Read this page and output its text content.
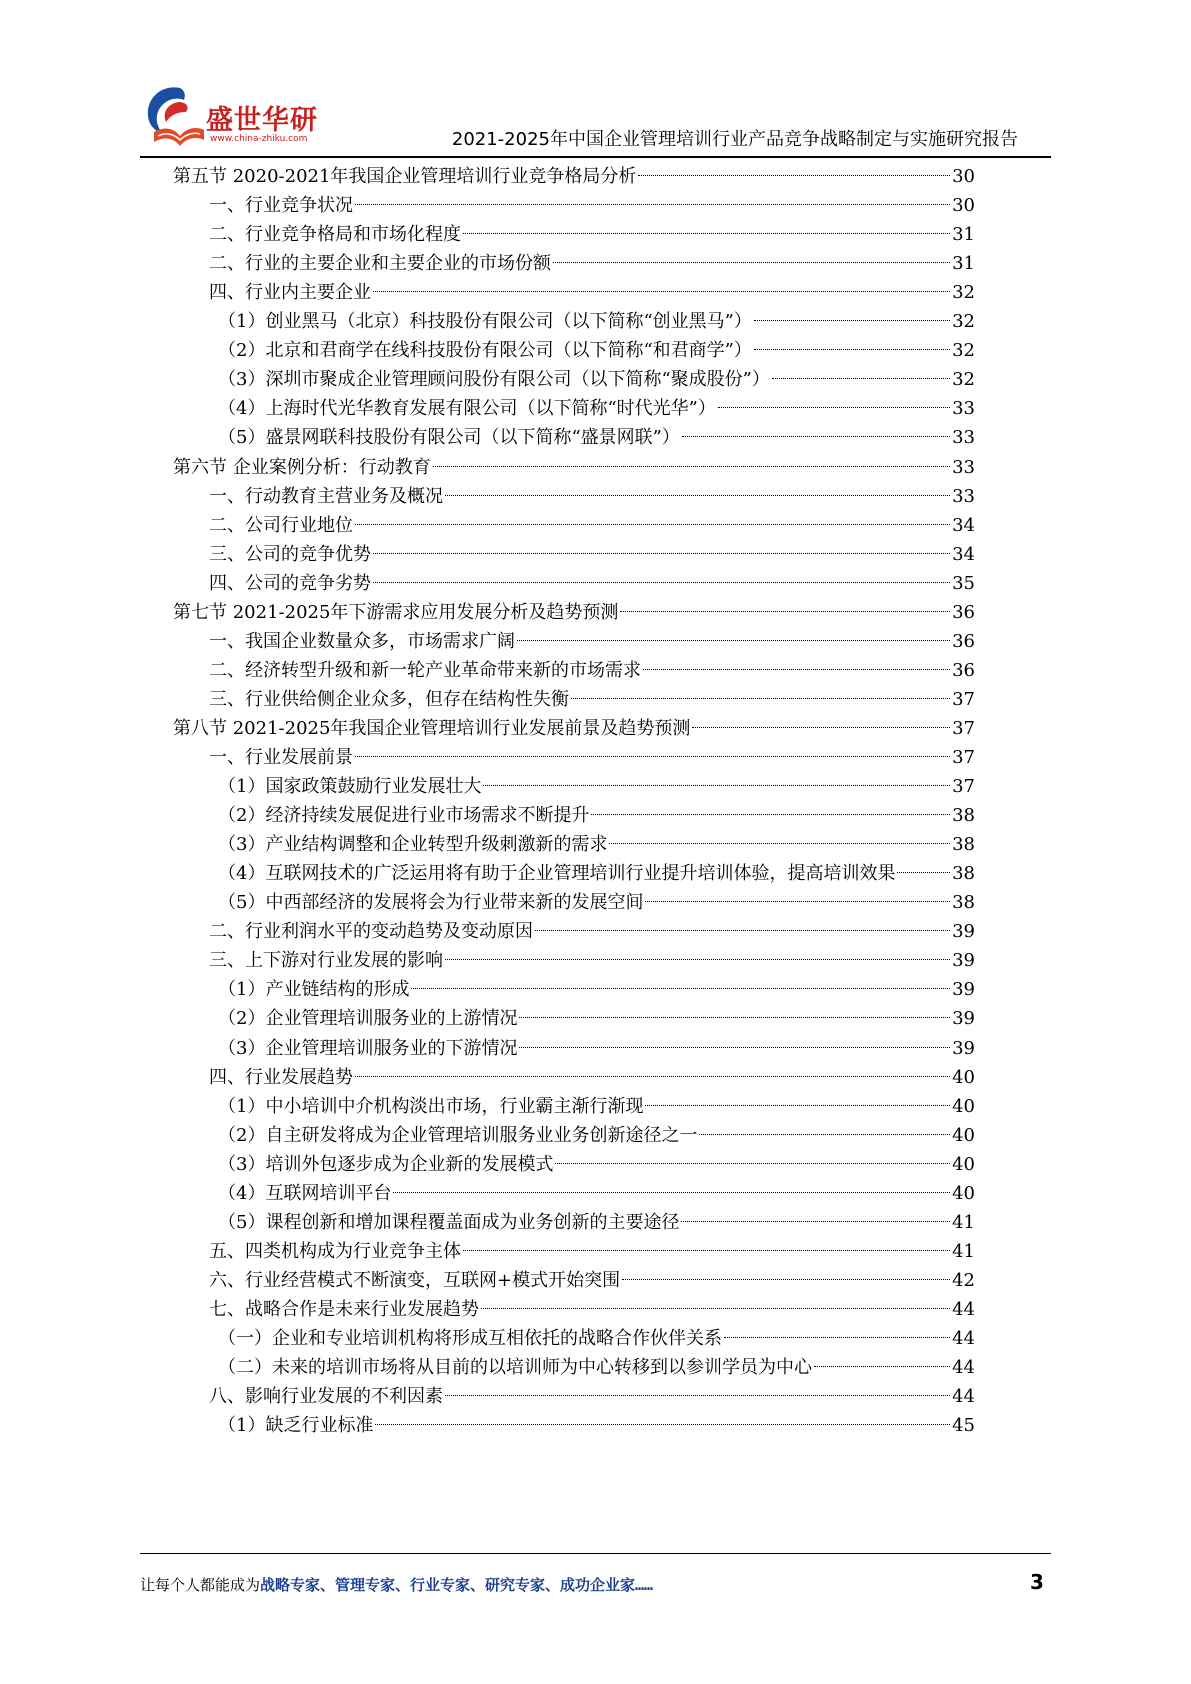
盛世华研
www.china-zhiku.com	2021-2025年中国企业管理培训行业产品竞争战略制定与实施研究报告
第五节 2020-2021年我国企业管理培训行业竞争格局分析	30
一、行业竞争状况	30
二、行业竞争格局和市场化程度	31
二、行业的主要企业和主要企业的市场份额	31
四、行业内主要企业	32
（1）创业黑马（北京）科技股份有限公司（以下简称“创业黑马”）	32
（2）北京和君商学在线科技股份有限公司（以下简称“和君商学”）	32
（3）深圳市聚成企业管理顾问股份有限公司（以下简称“聚成股份”）	32
（4）上海时代光华教育发展有限公司（以下简称“时代光华”）	33
（5）盛景网联科技股份有限公司（以下简称“盛景网联”）	33
第六节 企业案例分析：行动教育	33
一、行动教育主营业务及概况	33
二、公司行业地位	34
三、公司的竞争优势	34
四、公司的竞争劣势	35
第七节 2021-2025年下游需求应用发展分析及趋势预测	36
一、我国企业数量众多，市场需求广阔	36
二、经济转型升级和新一轮产业革命带来新的市场需求	36
三、行业供给侧企业众多，但存在结构性失衡	37
第八节 2021-2025年我国企业管理培训行业发展前景及趋势预测	37
一、行业发展前景	37
（1）国家政策鼓励行业发展壮大	37
（2）经济持续发展促进行业市场需求不断提升	38
（3）产业结构调整和企业转型升级刺激新的需求	38
（4）互联网技术的广泛运用将有助于企业管理培训行业提升培训体验，提高培训效果	38
（5）中西部经济的发展将会为行业带来新的发展空间	38
二、行业利润水平的变动趋势及变动原因	39
三、上下游对行业发展的影响	39
（1）产业链结构的形成	39
（2）企业管理培训服务业的上游情况	39
（3）企业管理培训服务业的下游情况	39
四、行业发展趋势	40
（1）中小培训中介机构淡出市场，行业霸主渐行渐现	40
（2）自主研发将成为企业管理培训服务业业务创新途径之一	40
（3）培训外包逐步成为企业新的发展模式	40
（4）互联网培训平台	40
（5）课程创新和增加课程覆盖面成为业务创新的主要途径	41
五、四类机构成为行业竞争主体	41
六、行业经营模式不断演变，互联网+模式开始突围	42
七、战略合作是未来行业发展趋势	44
（一）企业和专业培训机构将形成互相依托的战略合作伙伴关系	44
（二）未来的培训市场将从目前的以培训师为中心转移到以参训学员为中心	44
八、影响行业发展的不利因素	44
（1）缺乏行业标准	45
让每个人都能成为战略专家、管理专家、行业专家、研究专家、成功企业家……	3
